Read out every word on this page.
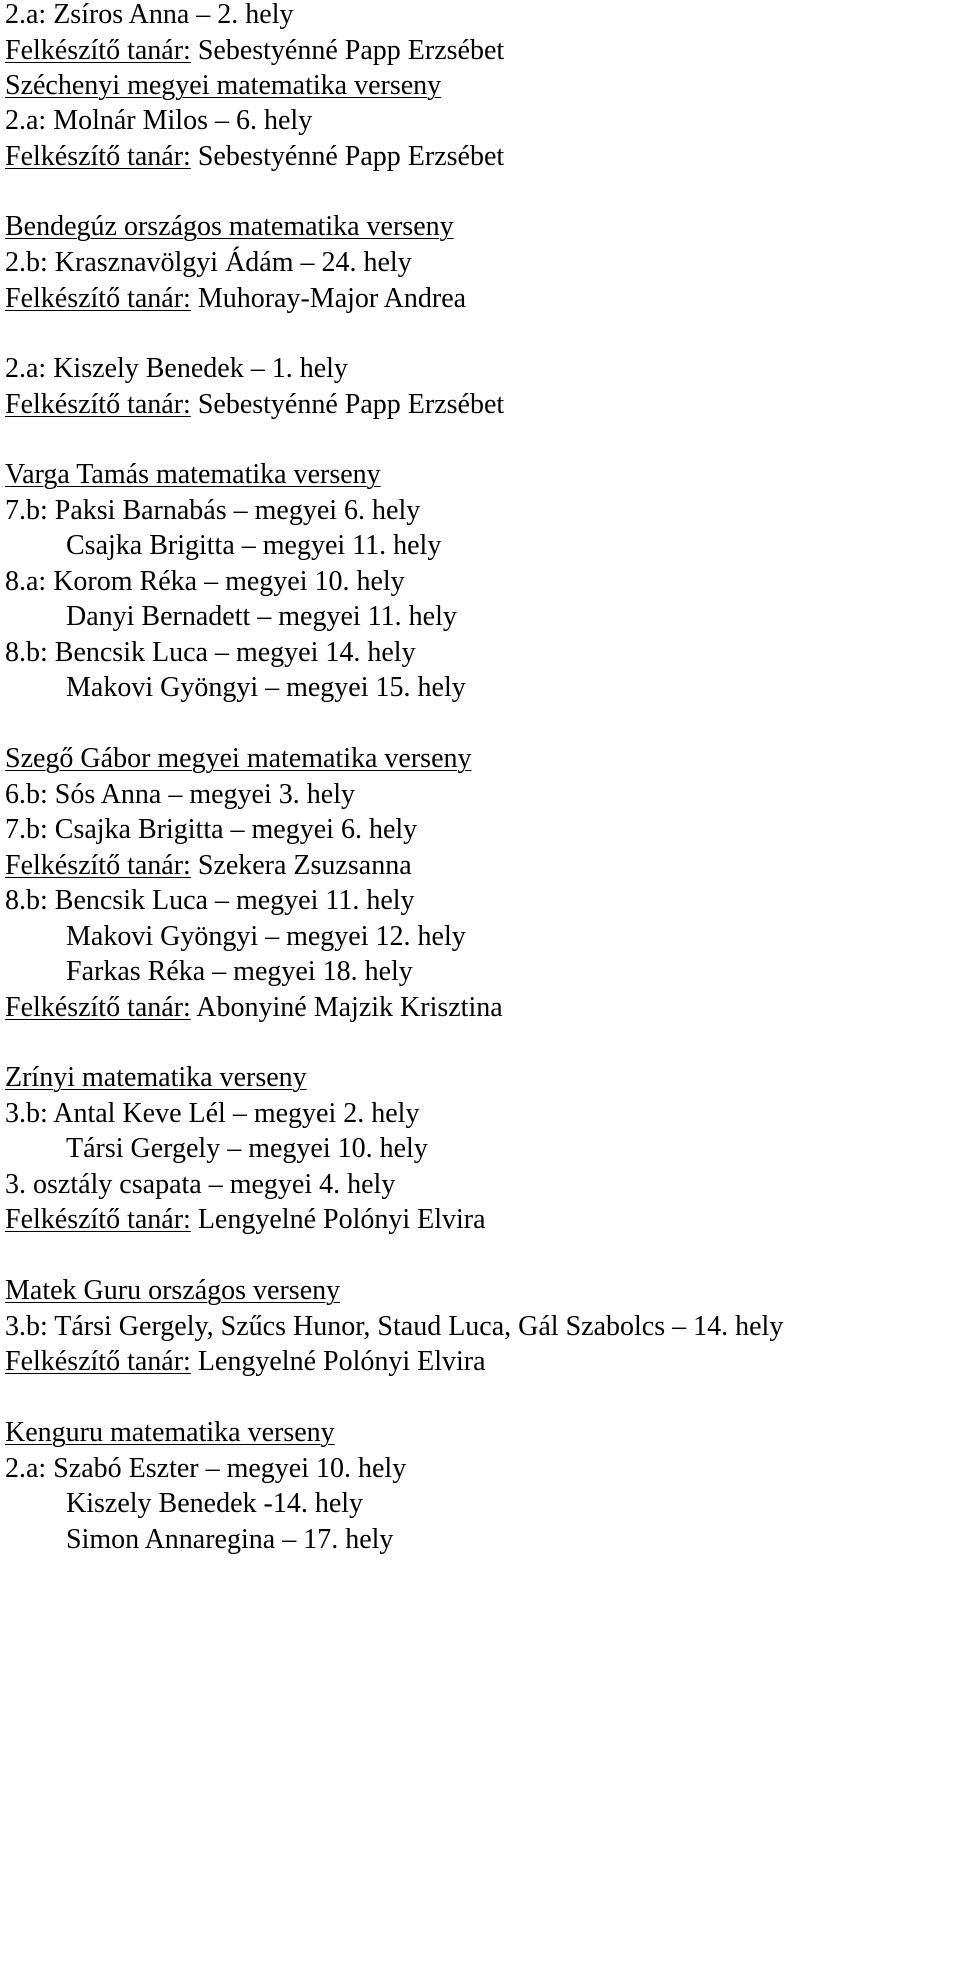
2.a: Zsíros Anna – 2. hely
Felkészítő tanár: Sebestyénné Papp Erzsébet
Széchenyi megyei matematika verseny
2.a: Molnár Milos – 6. hely
Felkészítő tanár: Sebestyénné Papp Erzsébet
Bendegúz országos matematika verseny
2.b: Krasznavölgyi Ádám – 24. hely
Felkészítő tanár: Muhoray-Major Andrea
2.a: Kiszely Benedek – 1. hely
Felkészítő tanár: Sebestyénné Papp Erzsébet
Varga Tamás matematika verseny
7.b: Paksi Barnabás – megyei 6. hely
Csajka Brigitta – megyei 11. hely
8.a: Korom Réka – megyei 10. hely
Danyi Bernadett – megyei 11. hely
8.b: Bencsik Luca – megyei 14. hely
Makovi Gyöngyi – megyei 15. hely
Szegő Gábor megyei matematika verseny
6.b: Sós Anna – megyei 3. hely
7.b: Csajka Brigitta – megyei 6. hely
Felkészítő tanár: Szekera Zsuzsanna
8.b: Bencsik Luca – megyei 11. hely
Makovi Gyöngyi – megyei 12. hely
Farkas Réka – megyei 18. hely
Felkészítő tanár: Abonyiné Majzik Krisztina
Zrínyi matematika verseny
3.b: Antal Keve Lél – megyei 2. hely
Társi Gergely – megyei 10. hely
3. osztály csapata – megyei 4. hely
Felkészítő tanár: Lengyelné Polónyi Elvira
Matek Guru országos verseny
3.b: Társi Gergely, Szűcs Hunor, Staud Luca, Gál Szabolcs – 14. hely
Felkészítő tanár: Lengyelné Polónyi Elvira
Kenguru matematika verseny
2.a: Szabó Eszter – megyei 10. hely
Kiszely Benedek -14. hely
Simon Annaregina – 17. hely
